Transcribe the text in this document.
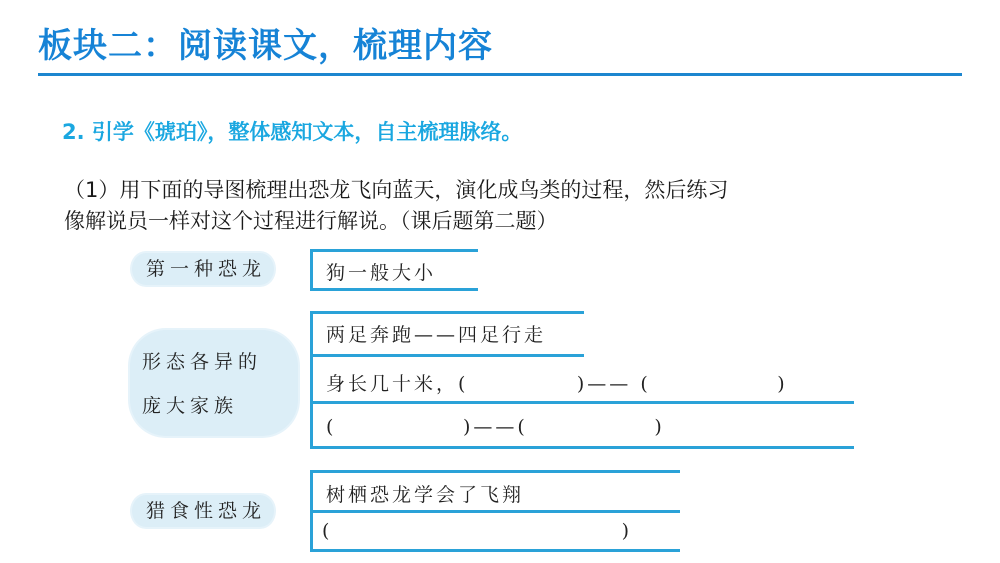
板块二：阅读课文，梳理内容
2. 引学《琥珀》，整体感知文本，自主梳理脉络。

（1）用下面的导图梳理出恐龙飞向蓝天，演化成鸟类的过程，然后练习
像解说员一样对这个过程进行解说。（课后题第二题）

第一种恐龙	狗一般大小
形态各异的
庞大家族
两足奔跑——四足行走
身长几十米，(            )—— (              )
(              )——(              )
猎食性恐龙
树栖恐龙学会了飞翔
(                                )
